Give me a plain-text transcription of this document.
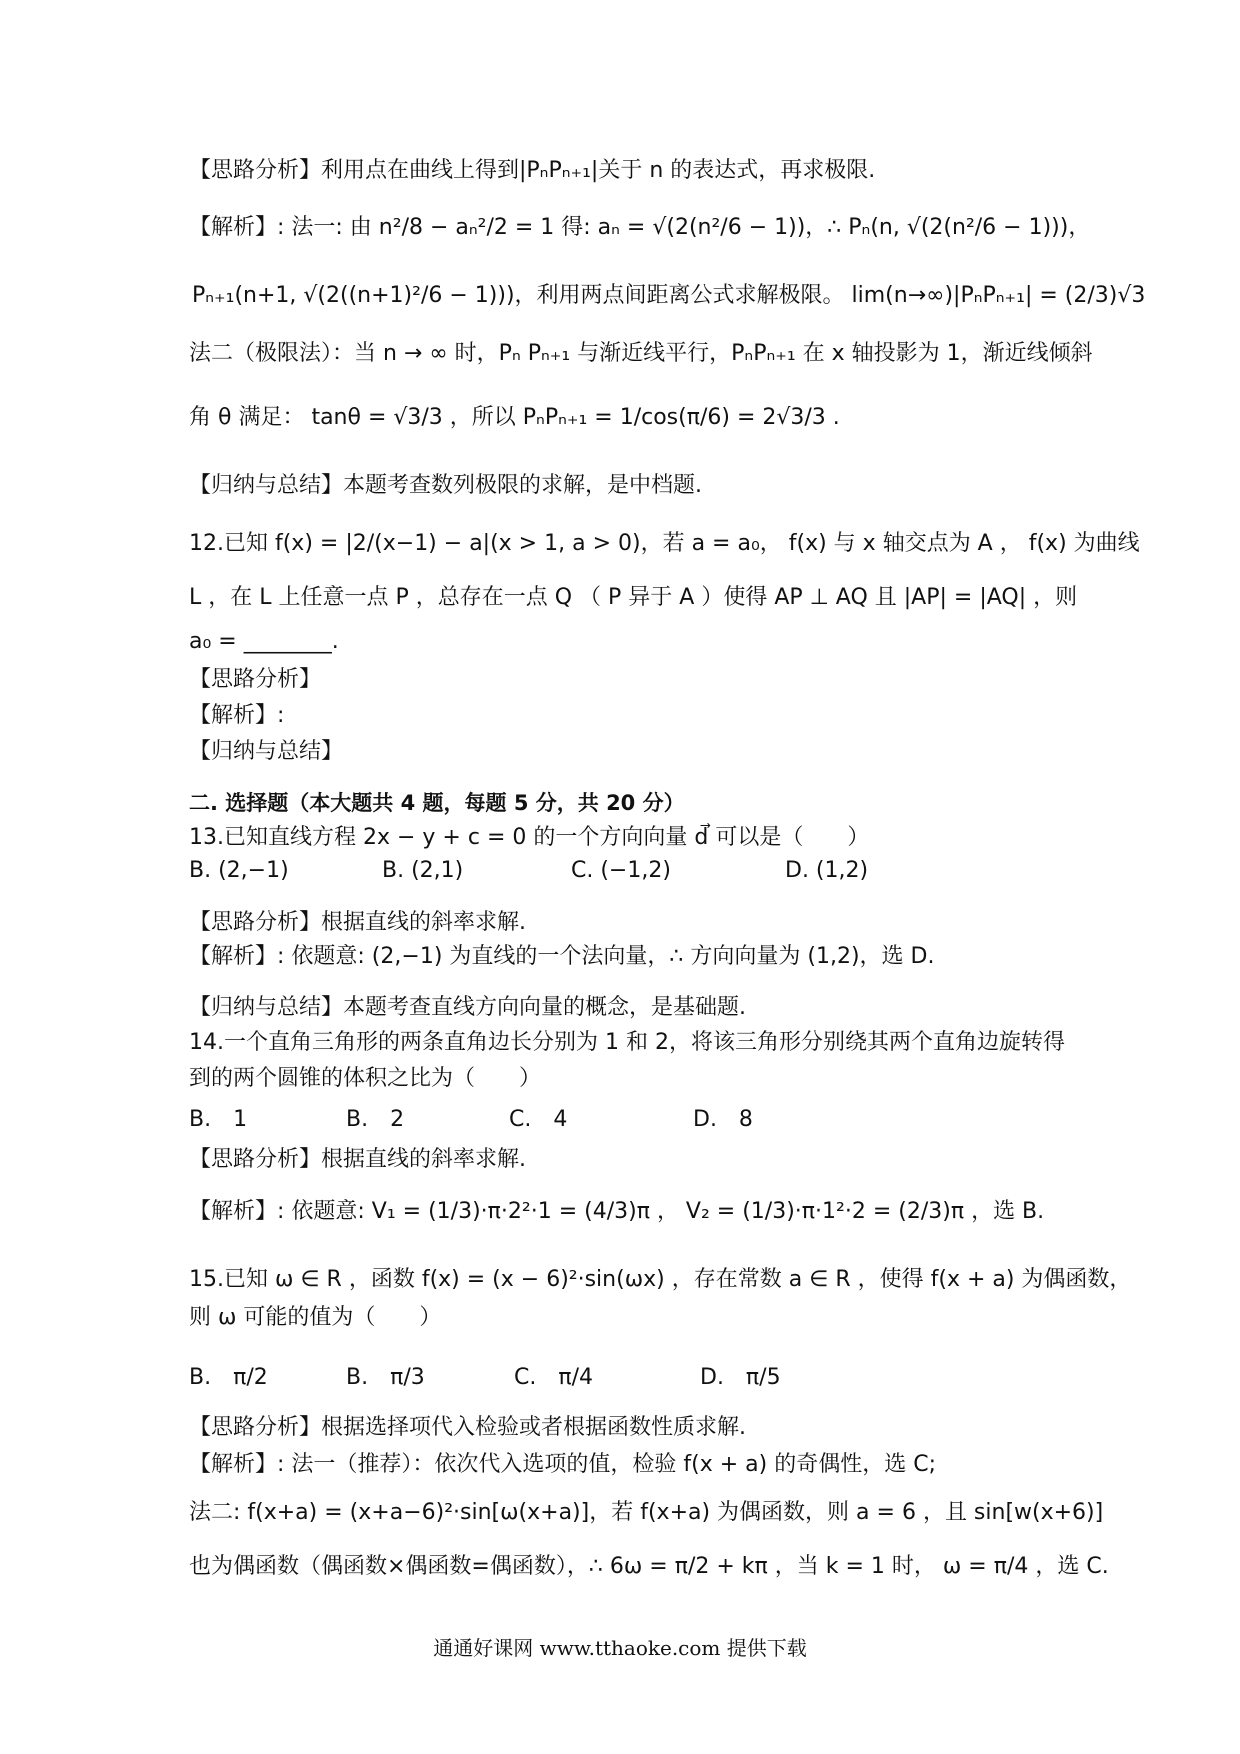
【思路分析】利用点在曲线上得到|PₙPₙ₊₁|关于 n 的表达式，再求极限.
【解析】: 法一: 由 n²/8 − aₙ²/2 = 1 得: aₙ = √(2(n²/6 − 1))，∴ Pₙ(n, √(2(n²/6 − 1)))，
Pₙ₊₁(n+1, √(2((n+1)²/6 − 1)))，利用两点间距离公式求解极限。 lim(n→∞)|PₙPₙ₊₁| = (2/3)√3
法二（极限法）：当 n → ∞ 时，Pₙ Pₙ₊₁ 与渐近线平行，PₙPₙ₊₁ 在 x 轴投影为 1，渐近线倾斜
角 θ 满足： tanθ = √3/3 ，所以 PₙPₙ₊₁ = 1/cos(π/6) = 2√3/3 .
【归纳与总结】本题考查数列极限的求解，是中档题.
12.已知 f(x) = |2/(x−1) − a|(x > 1, a > 0)，若 a = a₀， f(x) 与 x 轴交点为 A ， f(x) 为曲线
L ，在 L 上任意一点 P ，总存在一点 Q （ P 异于 A ）使得 AP ⊥ AQ 且 |AP| = |AQ| ，则
a₀ = ________.
【思路分析】
【解析】:
【归纳与总结】
二. 选择题（本大题共 4 题，每题 5 分，共 20 分）
13.已知直线方程 2x − y + c = 0 的一个方向向量 d⃗ 可以是（　　）
B. (2,−1)	B. (2,1)	C. (−1,2)	D. (1,2)
【思路分析】根据直线的斜率求解.
【解析】: 依题意: (2,−1) 为直线的一个法向量，∴ 方向向量为 (1,2)，选 D.
【归纳与总结】本题考查直线方向向量的概念，是基础题.
14.一个直角三角形的两条直角边长分别为 1 和 2，将该三角形分别绕其两个直角边旋转得
到的两个圆锥的体积之比为（　　）
B.　1	B.　2	C.　4	D.　8
【思路分析】根据直线的斜率求解.
【解析】: 依题意: V₁ = (1/3)·π·2²·1 = (4/3)π ， V₂ = (1/3)·π·1²·2 = (2/3)π ，选 B.
15.已知 ω ∈ R ，函数 f(x) = (x − 6)²·sin(ωx) ，存在常数 a ∈ R ，使得 f(x + a) 为偶函数，
则 ω 可能的值为（　　）
B.　π/2	B.　π/3	C.　π/4	D.　π/5
【思路分析】根据选择项代入检验或者根据函数性质求解.
【解析】: 法一（推荐）：依次代入选项的值，检验 f(x + a) 的奇偶性，选 C;
法二: f(x+a) = (x+a−6)²·sin[ω(x+a)]，若 f(x+a) 为偶函数，则 a = 6 ，且 sin[w(x+6)]
也为偶函数（偶函数×偶函数=偶函数），∴ 6ω = π/2 + kπ ，当 k = 1 时， ω = π/4 ，选 C.
通通好课网 www.tthaoke.com 提供下载
